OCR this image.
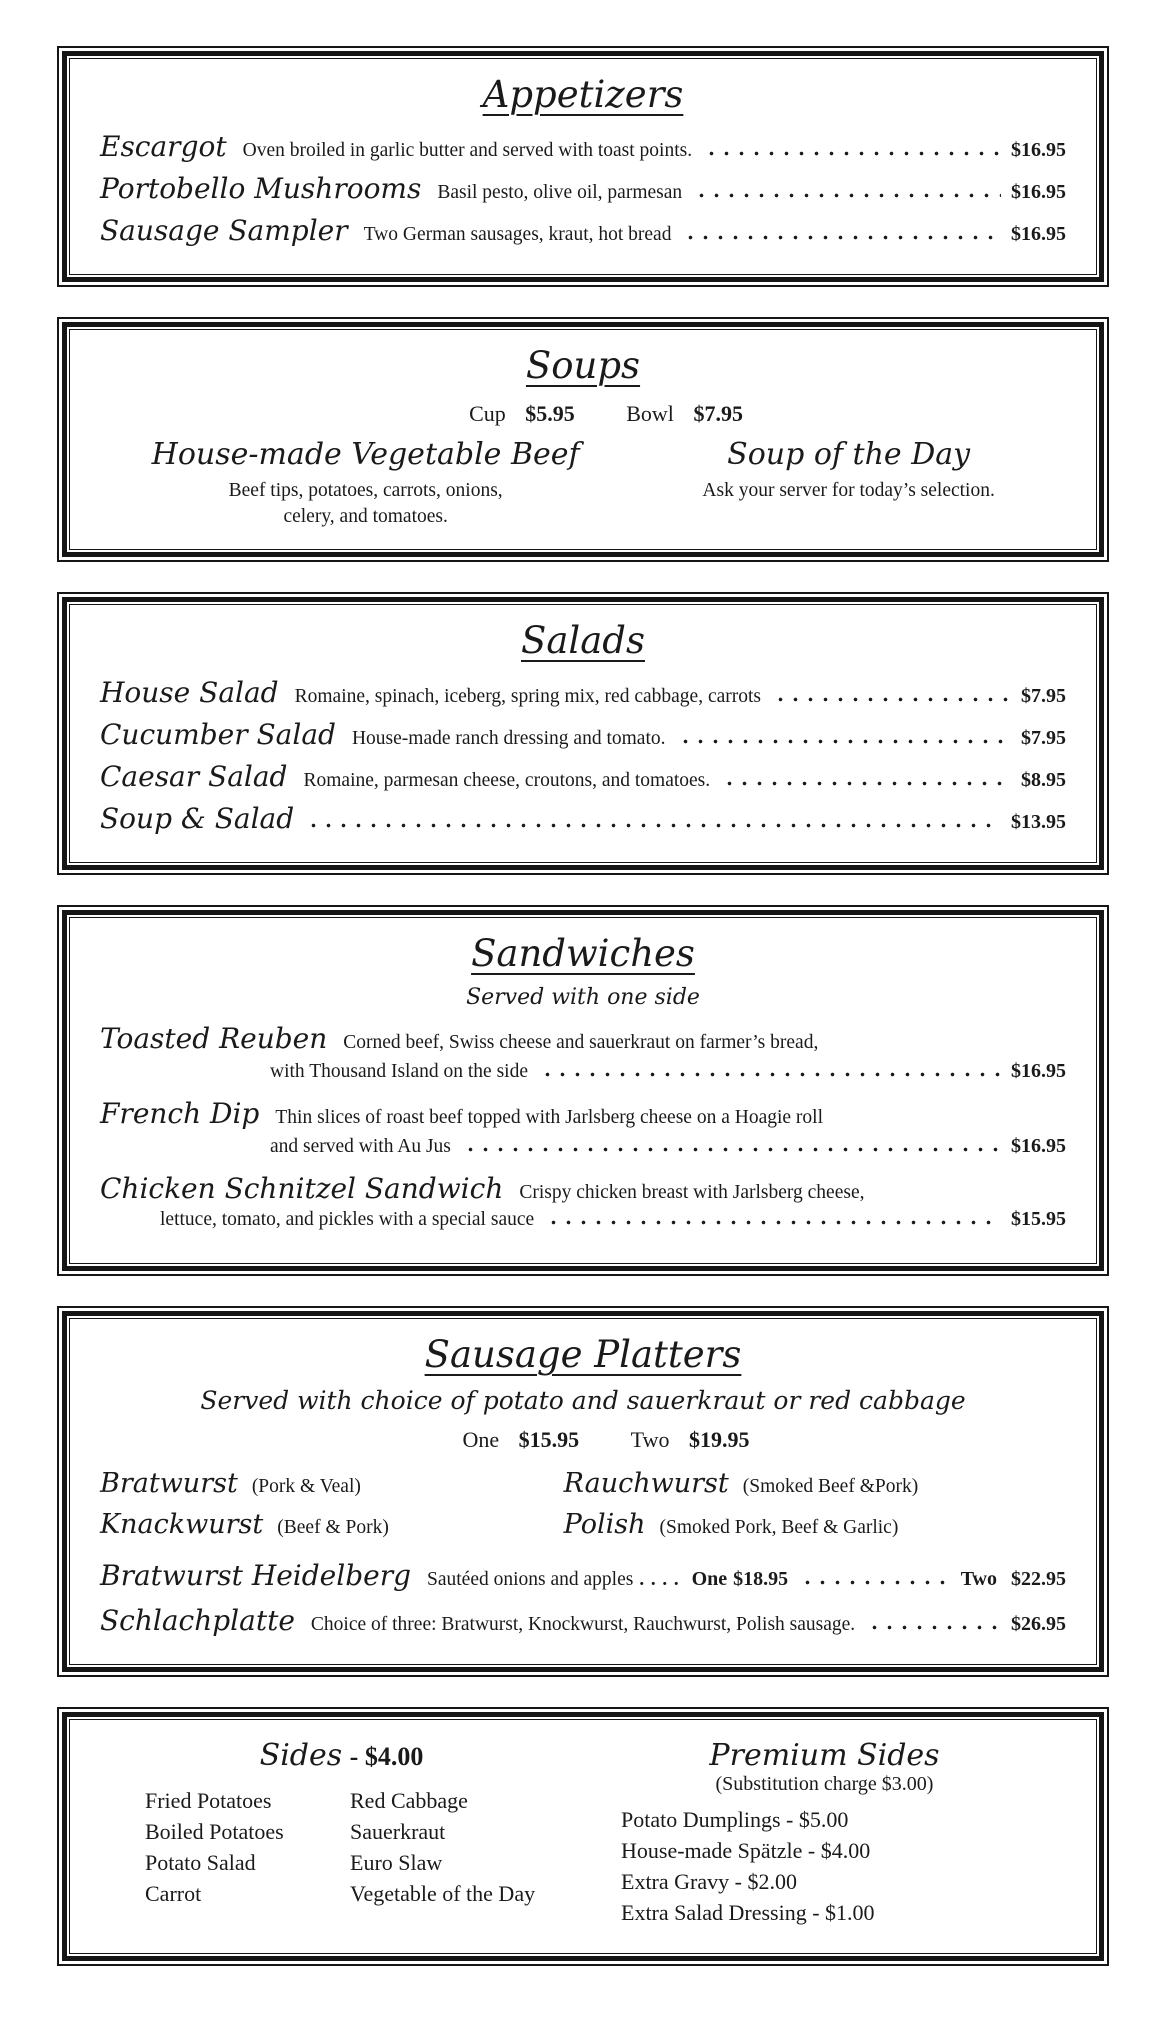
Appetizers
Escargot Oven broiled in garlic butter and served with toast points.	$16.95
Portobello Mushrooms Basil pesto, olive oil, parmesan	$16.95
Sausage Sampler Two German sausages, kraut, hot bread	$16.95
Soups
Cup $5.95 Bowl $7.95
House-made Vegetable Beef
Beef tips, potatoes, carrots, onions,
celery, and tomatoes.
Soup of the Day
Ask your server for today’s selection.
Salads
House Salad Romaine, spinach, iceberg, spring mix, red cabbage, carrots	$7.95
Cucumber Salad House-made ranch dressing and tomato.	$7.95
Caesar Salad Romaine, parmesan cheese, croutons, and tomatoes.	$8.95
Soup & Salad	$13.95
Sandwiches
Served with one side
Toasted Reuben Corned beef, Swiss cheese and sauerkraut on farmer’s bread,
with Thousand Island on the side	$16.95
French Dip Thin slices of roast beef topped with Jarlsberg cheese on a Hoagie roll
and served with Au Jus	$16.95
Chicken Schnitzel Sandwich Crispy chicken breast with Jarlsberg cheese,
lettuce, tomato, and pickles with a special sauce	$15.95
Sausage Platters
Served with choice of potato and sauerkraut or red cabbage
One $15.95 Two $19.95
Bratwurst (Pork & Veal)	Rauchwurst (Smoked Beef &Pork)
Knackwurst (Beef & Pork)	Polish (Smoked Pork, Beef & Garlic)
Bratwurst Heidelberg Sautéed onions and apples . . . . One $18.95	Two $22.95
Schlachplatte Choice of three: Bratwurst, Knockwurst, Rauchwurst, Polish sausage.	$26.95
Sides - $4.00
Fried Potatoes
Boiled Potatoes
Potato Salad
Carrot
Red Cabbage
Sauerkraut
Euro Slaw
Vegetable of the Day
Premium Sides
(Substitution charge $3.00)
Potato Dumplings - $5.00
House-made Spätzle - $4.00
Extra Gravy - $2.00
Extra Salad Dressing - $1.00
